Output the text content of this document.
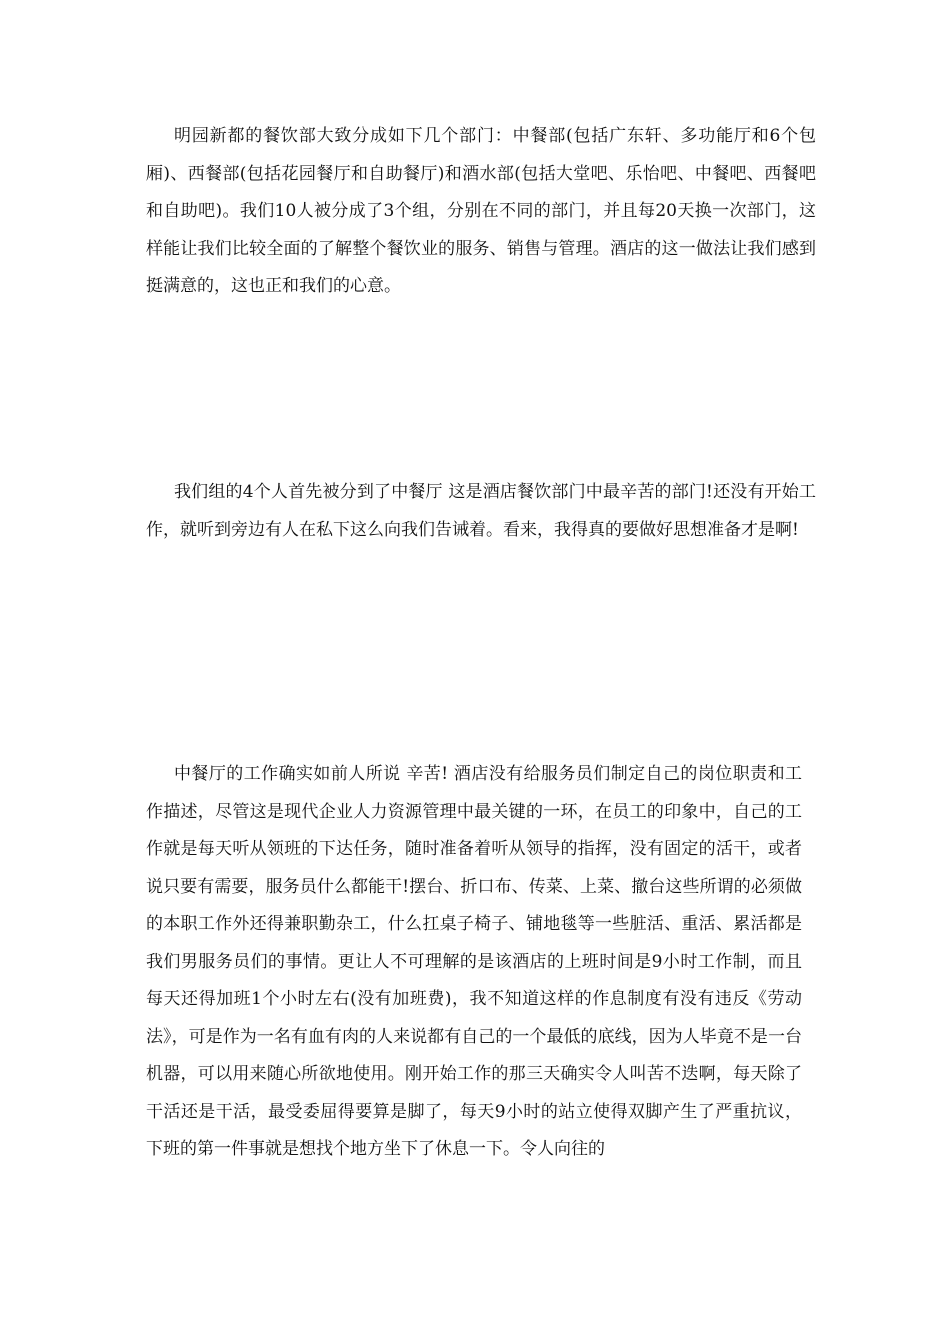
明园新都的餐饮部大致分成如下几个部门：中餐部(包括广东轩、多功能厅和6个包厢)、西餐部(包括花园餐厅和自助餐厅)和酒水部(包括大堂吧、乐怡吧、中餐吧、西餐吧和自助吧)。我们10人被分成了3个组，分别在不同的部门，并且每20天换一次部门，这样能让我们比较全面的了解整个餐饮业的服务、销售与管理。酒店的这一做法让我们感到挺满意的，这也正和我们的心意。

我们组的4个人首先被分到了中餐厅 这是酒店餐饮部门中最辛苦的部门!还没有开始工作，就听到旁边有人在私下这么向我们告诫着。看来，我得真的要做好思想准备才是啊!

中餐厅的工作确实如前人所说 辛苦! 酒店没有给服务员们制定自己的岗位职责和工作描述，尽管这是现代企业人力资源管理中最关键的一环，在员工的印象中，自己的工作就是每天听从领班的下达任务，随时准备着听从领导的指挥，没有固定的活干，或者说只要有需要，服务员什么都能干!摆台、折口布、传菜、上菜、撤台这些所谓的必须做的本职工作外还得兼职勤杂工，什么扛桌子椅子、铺地毯等一些脏活、重活、累活都是我们男服务员们的事情。更让人不可理解的是该酒店的上班时间是9小时工作制，而且每天还得加班1个小时左右(没有加班费)，我不知道这样的作息制度有没有违反《劳动法》，可是作为一名有血有肉的人来说都有自己的一个最低的底线，因为人毕竟不是一台机器，可以用来随心所欲地使用。刚开始工作的那三天确实令人叫苦不迭啊，每天除了干活还是干活，最受委屈得要算是脚了，每天9小时的站立使得双脚产生了严重抗议，下班的第一件事就是想找个地方坐下了休息一下。令人向往的
